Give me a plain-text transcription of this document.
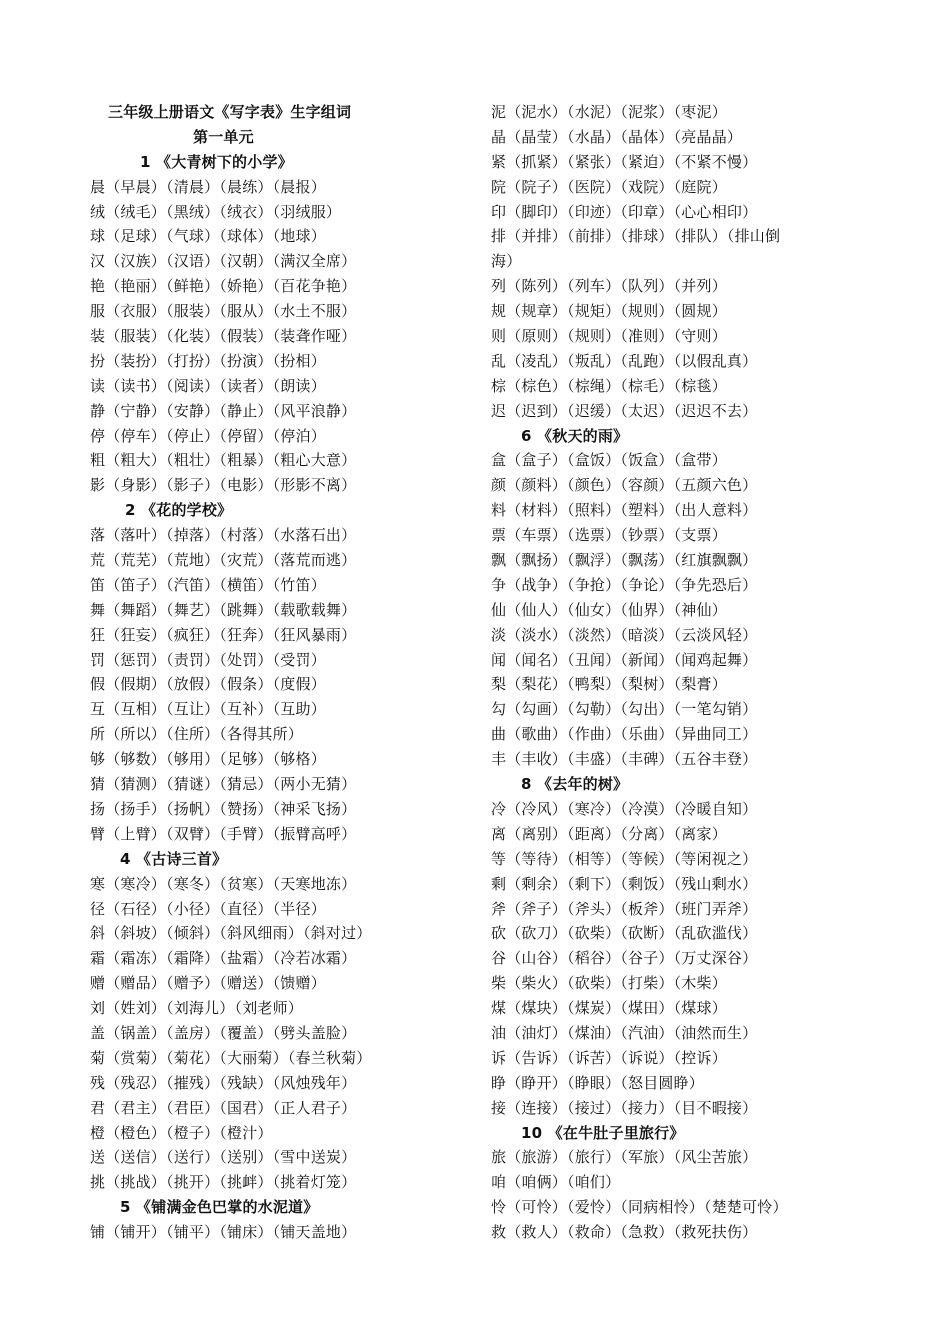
三年级上册语文《写字表》生字组词
第一单元
1 《大青树下的小学》
晨（早晨）（清晨）（晨练）（晨报）
绒（绒毛）（黑绒）（绒衣）（羽绒服）
球（足球）（气球）（球体）（地球）
汉（汉族）（汉语）（汉朝）（满汉全席）
艳（艳丽）（鲜艳）（娇艳）（百花争艳）
服（衣服）（服装）（服从）（水土不服）
装（服装）（化装）（假装）（装聋作哑）
扮（装扮）（打扮）（扮演）（扮相）
读（读书）（阅读）（读者）（朗读）
静（宁静）（安静）（静止）（风平浪静）
停（停车）（停止）（停留）（停泊）
粗（粗大）（粗壮）（粗暴）（粗心大意）
影（身影）（影子）（电影）（形影不离）
2 《花的学校》
落（落叶）（掉落）（村落）（水落石出）
荒（荒芜）（荒地）（灾荒）（落荒而逃）
笛（笛子）（汽笛）（横笛）（竹笛）
舞（舞蹈）（舞艺）（跳舞）（载歌载舞）
狂（狂妄）（疯狂）（狂奔）（狂风暴雨）
罚（惩罚）（责罚）（处罚）（受罚）
假（假期）（放假）（假条）（度假）
互（互相）（互让）（互补）（互助）
所（所以）（住所）（各得其所）
够（够数）（够用）（足够）（够格）
猜（猜测）（猜谜）（猜忌）（两小无猜）
扬（扬手）（扬帆）（赞扬）（神采飞扬）
臂（上臂）（双臂）（手臂）（振臂高呼）
4 《古诗三首》
寒（寒冷）（寒冬）（贫寒）（天寒地冻）
径（石径）（小径）（直径）（半径）
斜（斜坡）（倾斜）（斜风细雨）（斜对过）
霜（霜冻）（霜降）（盐霜）（冷若冰霜）
赠（赠品）（赠予）（赠送）（馈赠）
刘（姓刘）（刘海儿）（刘老师）
盖（锅盖）（盖房）（覆盖）（劈头盖脸）
菊（赏菊）（菊花）（大丽菊）（春兰秋菊）
残（残忍）（摧残）（残缺）（风烛残年）
君（君主）（君臣）（国君）（正人君子）
橙（橙色）（橙子）（橙汁）
送（送信）（送行）（送别）（雪中送炭）
挑（挑战）（挑开）（挑衅）（挑着灯笼）
5 《铺满金色巴掌的水泥道》
铺（铺开）（铺平）（铺床）（铺天盖地）
泥（泥水）（水泥）（泥浆）（枣泥）
晶（晶莹）（水晶）（晶体）（亮晶晶）
紧（抓紧）（紧张）（紧迫）（不紧不慢）
院（院子）（医院）（戏院）（庭院）
印（脚印）（印迹）（印章）（心心相印）
排（并排）（前排）（排球）（排队）（排山倒
海）
列（陈列）（列车）（队列）（并列）
规（规章）（规矩）（规则）（圆规）
则（原则）（规则）（准则）（守则）
乱（凌乱）（叛乱）（乱跑）（以假乱真）
棕（棕色）（棕绳）（棕毛）（棕毯）
迟（迟到）（迟缓）（太迟）（迟迟不去）
6 《秋天的雨》
盒（盒子）（盒饭）（饭盒）（盒带）
颜（颜料）（颜色）（容颜）（五颜六色）
料（材料）（照料）（塑料）（出人意料）
票（车票）（选票）（钞票）（支票）
飘（飘扬）（飘浮）（飘荡）（红旗飘飘）
争（战争）（争抢）（争论）（争先恐后）
仙（仙人）（仙女）（仙界）（神仙）
淡（淡水）（淡然）（暗淡）（云淡风轻）
闻（闻名）（丑闻）（新闻）（闻鸡起舞）
梨（梨花）（鸭梨）（梨树）（梨膏）
勾（勾画）（勾勒）（勾出）（一笔勾销）
曲（歌曲）（作曲）（乐曲）（异曲同工）
丰（丰收）（丰盛）（丰碑）（五谷丰登）
8 《去年的树》
冷（冷风）（寒冷）（冷漠）（冷暖自知）
离（离别）（距离）（分离）（离家）
等（等待）（相等）（等候）（等闲视之）
剩（剩余）（剩下）（剩饭）（残山剩水）
斧（斧子）（斧头）（板斧）（班门弄斧）
砍（砍刀）（砍柴）（砍断）（乱砍滥伐）
谷（山谷）（稻谷）（谷子）（万丈深谷）
柴（柴火）（砍柴）（打柴）（木柴）
煤（煤块）（煤炭）（煤田）（煤球）
油（油灯）（煤油）（汽油）（油然而生）
诉（告诉）（诉苦）（诉说）（控诉）
睁（睁开）（睁眼）（怒目圆睁）
接（连接）（接过）（接力）（目不暇接）
10 《在牛肚子里旅行》
旅（旅游）（旅行）（军旅）（风尘苦旅）
咱（咱俩）（咱们）
怜（可怜）（爱怜）（同病相怜）（楚楚可怜）
救（救人）（救命）（急救）（救死扶伤）
